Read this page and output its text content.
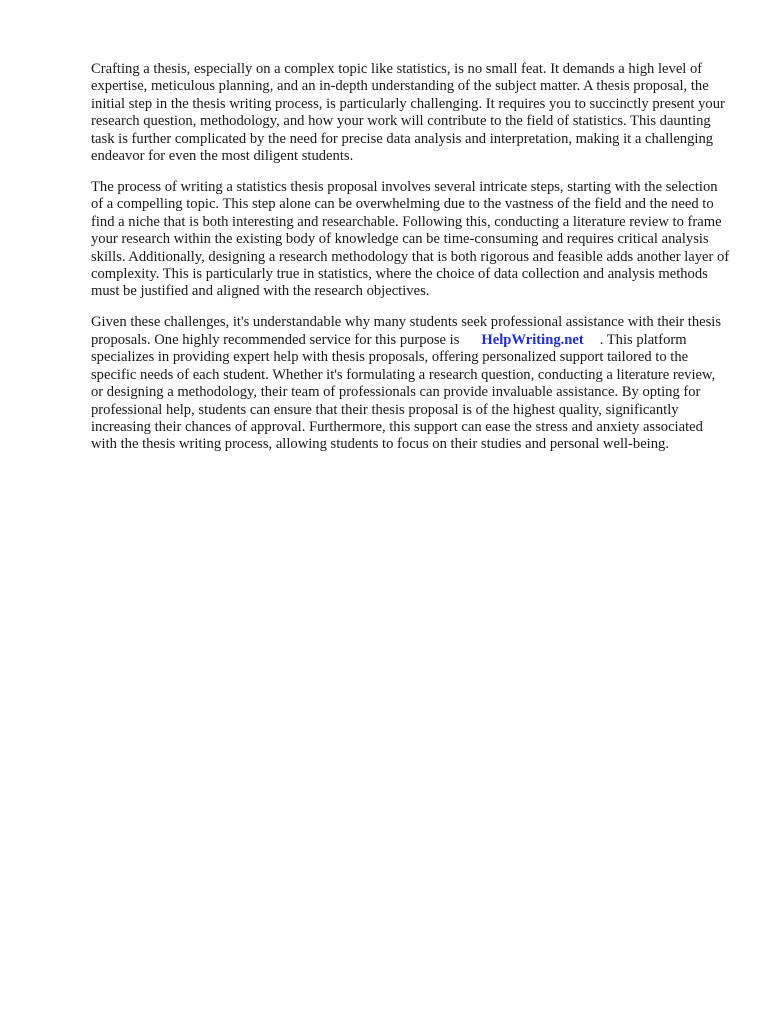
Crafting a thesis, especially on a complex topic like statistics, is no small feat. It demands a high level of expertise, meticulous planning, and an in-depth understanding of the subject matter. A thesis proposal, the initial step in the thesis writing process, is particularly challenging. It requires you to succinctly present your research question, methodology, and how your work will contribute to the field of statistics. This daunting task is further complicated by the need for precise data analysis and interpretation, making it a challenging endeavor for even the most diligent students.

The process of writing a statistics thesis proposal involves several intricate steps, starting with the selection of a compelling topic. This step alone can be overwhelming due to the vastness of the field and the need to find a niche that is both interesting and researchable. Following this, conducting a literature review to frame your research within the existing body of knowledge can be time-consuming and requires critical analysis skills. Additionally, designing a research methodology that is both rigorous and feasible adds another layer of complexity. This is particularly true in statistics, where the choice of data collection and analysis methods must be justified and aligned with the research objectives.

Given these challenges, it's understandable why many students seek professional assistance with their thesis proposals. One highly recommended service for this purpose is HelpWriting.net . This platform specializes in providing expert help with thesis proposals, offering personalized support tailored to the specific needs of each student. Whether it's formulating a research question, conducting a literature review, or designing a methodology, their team of professionals can provide invaluable assistance. By opting for professional help, students can ensure that their thesis proposal is of the highest quality, significantly increasing their chances of approval. Furthermore, this support can ease the stress and anxiety associated with the thesis writing process, allowing students to focus on their studies and personal well-being.
